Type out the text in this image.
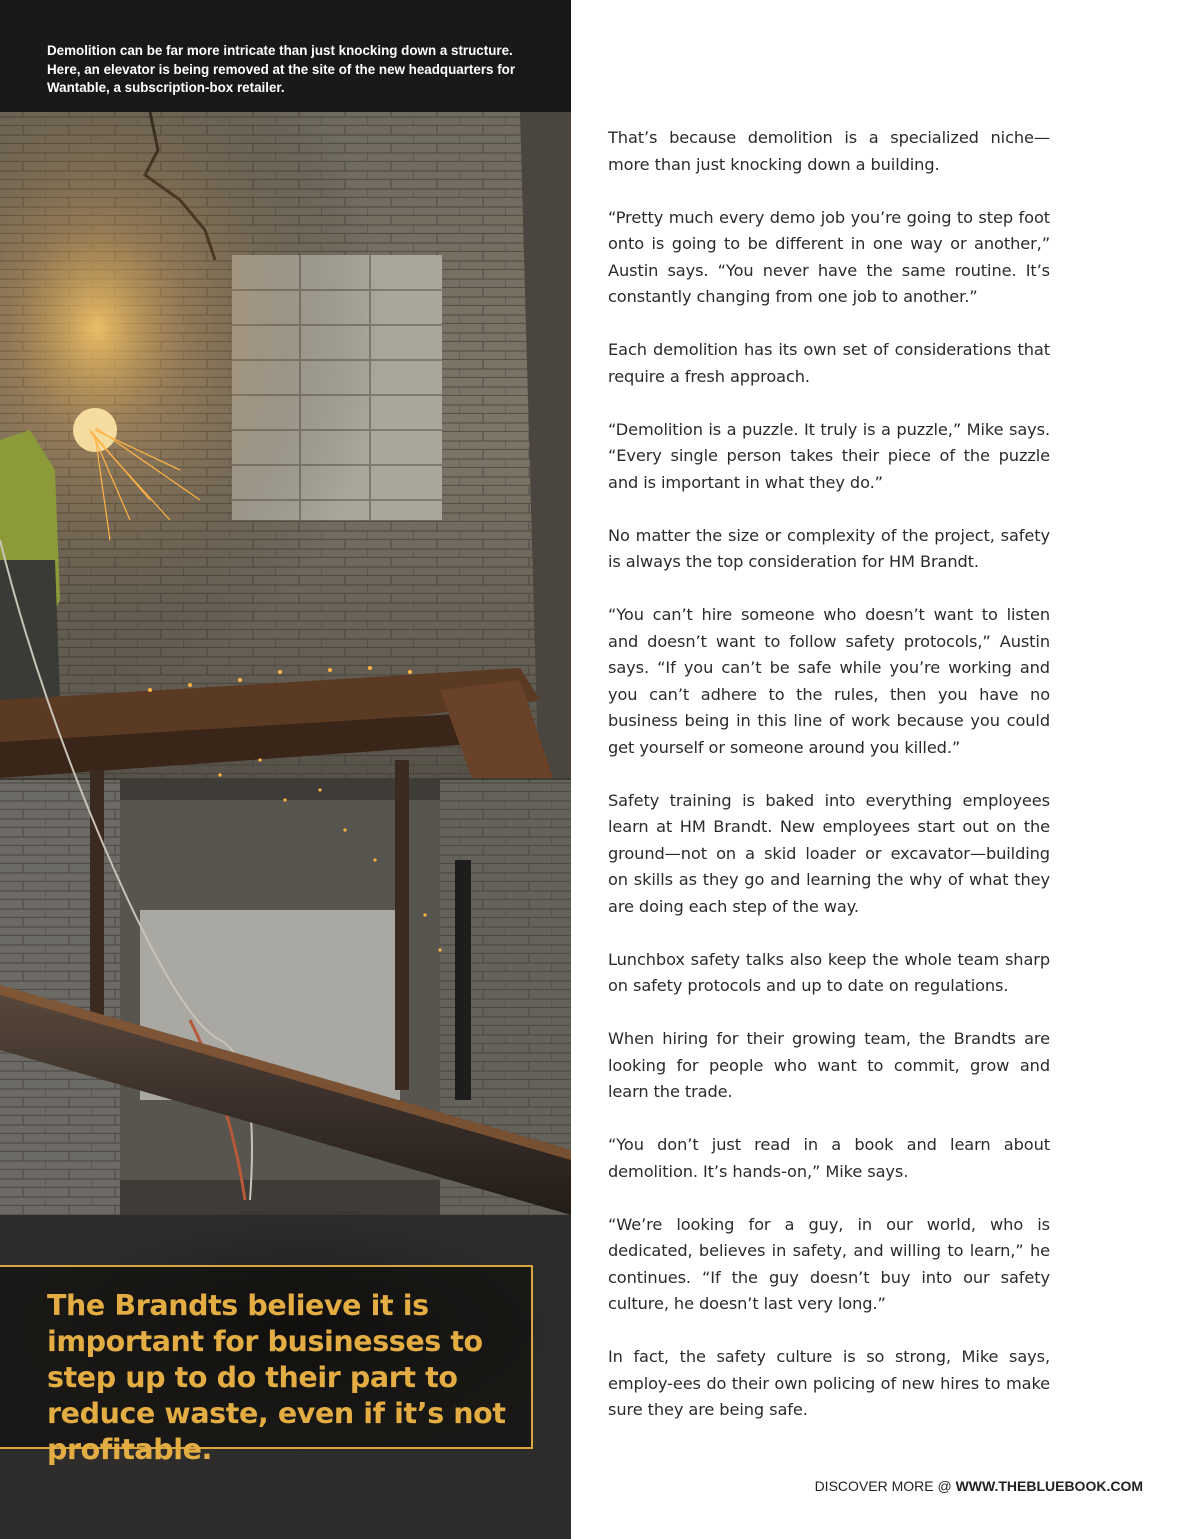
Demolition can be far more intricate than just knocking down a structure. Here, an elevator is being removed at the site of the new headquarters for Wantable, a subscription-box retailer.
The Brandts believe it is important for businesses to step up to do their part to reduce waste, even if it’s not profitable.

That’s because demolition is a specialized niche—more than just knocking down a building.

“Pretty much every demo job you’re going to step foot onto is going to be different in one way or another,” Austin says. “You never have the same routine. It’s constantly changing from one job to another.”

Each demolition has its own set of considerations that require a fresh approach.

“Demolition is a puzzle. It truly is a puzzle,” Mike says. “Every single person takes their piece of the puzzle and is important in what they do.”

No matter the size or complexity of the project, safety is always the top consideration for HM Brandt.

“You can’t hire someone who doesn’t want to listen and doesn’t want to follow safety protocols,” Austin says. “If you can’t be safe while you’re working and you can’t adhere to the rules, then you have no business being in this line of work because you could get yourself or someone around you killed.”

Safety training is baked into everything employees learn at HM Brandt. New employees start out on the ground—not on a skid loader or excavator—building on skills as they go and learning the why of what they are doing each step of the way.

Lunchbox safety talks also keep the whole team sharp on safety protocols and up to date on regulations.

When hiring for their growing team, the Brandts are looking for people who want to commit, grow and learn the trade.

“You don’t just read in a book and learn about demolition. It’s hands-on,” Mike says.

“We’re looking for a guy, in our world, who is dedicated, believes in safety, and willing to learn,” he continues. “If the guy doesn’t buy into our safety culture, he doesn’t last very long.”

In fact, the safety culture is so strong, Mike says, employ-ees do their own policing of new hires to make sure they are being safe.

DISCOVER MORE @ WWW.THEBLUEBOOK.COM
